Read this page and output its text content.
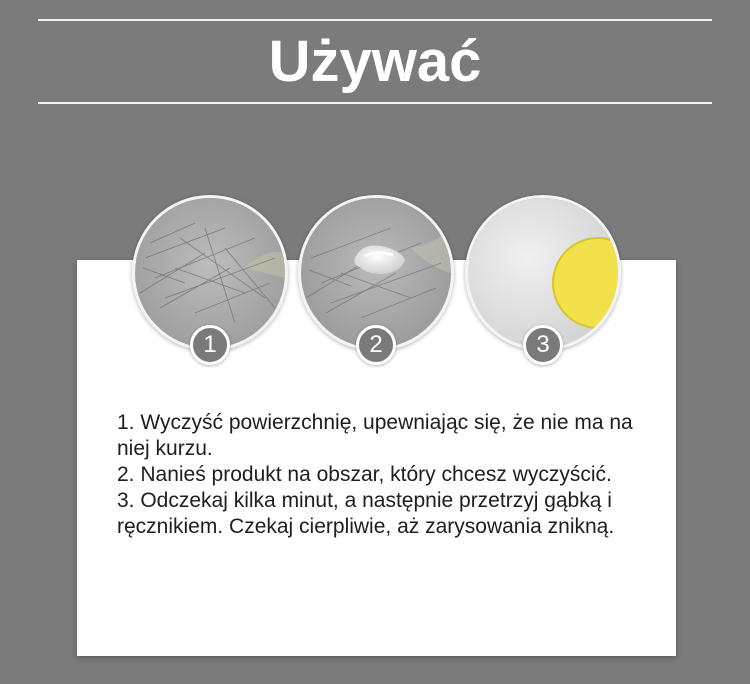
Używać
1	2	3

1. Wyczyść powierzchnię, upewniając się, że nie ma na niej kurzu.

2. Nanieś produkt na obszar, który chcesz wyczyścić.

3. Odczekaj kilka minut, a następnie przetrzyj gąbką i ręcznikiem. Czekaj cierpliwie, aż zarysowania znikną.
